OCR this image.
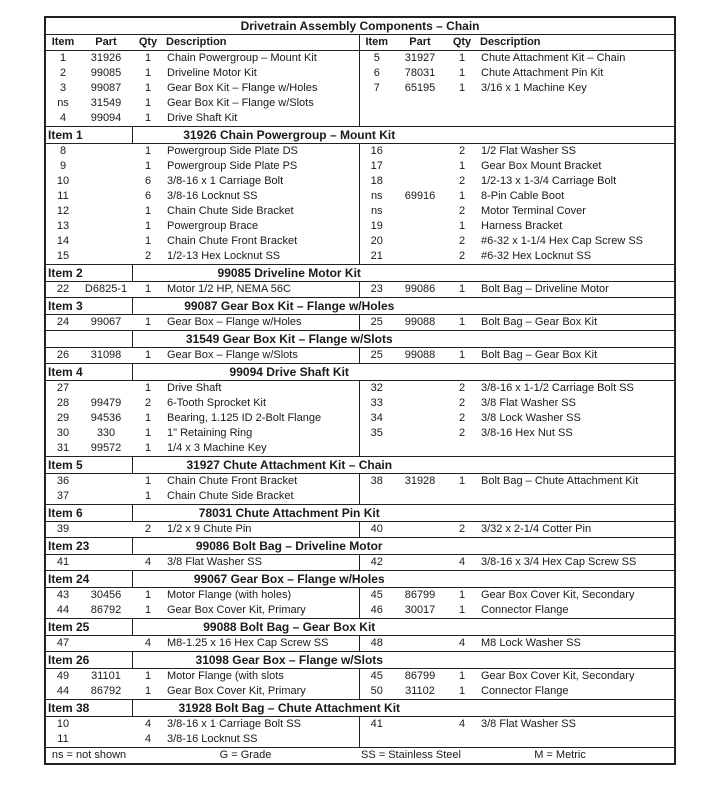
Drivetrain Assembly Components – Chain							
Item	Part	Qty	Description	Item	Part	Qty	Description
1	31926	1	Chain Powergroup – Mount Kit	5	31927	1	Chute Attachment Kit – Chain
2	99085	1	Driveline Motor Kit	6	78031	1	Chute Attachment Pin Kit
3	99087	1	Gear Box Kit – Flange w/Holes	7	65195	1	3/16 x 1 Machine Key
ns	31549	1	Gear Box Kit – Flange w/Slots				
4	99094	1	Drive Shaft Kit				
Item 1		31926 Chain Powergroup – Mount Kit					
8		1	Powergroup Side Plate DS	16		2	1/2 Flat Washer SS
9		1	Powergroup Side Plate PS	17		1	Gear Box Mount Bracket
10		6	3/8-16 x 1 Carriage Bolt	18		2	1/2-13 x 1-3/4 Carriage Bolt
11		6	3/8-16 Locknut SS	ns	69916	1	8-Pin Cable Boot
12		1	Chain Chute Side Bracket	ns		2	Motor Terminal Cover
13		1	Powergroup Brace	19		1	Harness Bracket
14		1	Chain Chute Front Bracket	20		2	#6-32 x 1-1/4 Hex Cap Screw SS
15		2	1/2-13 Hex Locknut SS	21		2	#6-32 Hex Locknut SS
Item 2		99085 Driveline Motor Kit					
22	D6825-1	1	Motor 1/2 HP, NEMA 56C	23	99086	1	Bolt Bag – Driveline Motor
Item 3		99087 Gear Box Kit – Flange w/Holes					
24	99067	1	Gear Box – Flange w/Holes	25	99088	1	Bolt Bag – Gear Box Kit
		31549 Gear Box Kit – Flange w/Slots					
26	31098	1	Gear Box – Flange w/Slots	25	99088	1	Bolt Bag – Gear Box Kit
Item 4		99094 Drive Shaft Kit					
27		1	Drive Shaft	32		2	3/8-16 x 1-1/2 Carriage Bolt SS
28	99479	2	6-Tooth Sprocket Kit	33		2	3/8 Flat Washer SS
29	94536	1	Bearing, 1.125 ID 2-Bolt Flange	34		2	3/8 Lock Washer SS
30	330	1	1" Retaining Ring	35		2	3/8-16 Hex Nut SS
31	99572	1	1/4 x 3 Machine Key				
Item 5		31927 Chute Attachment Kit – Chain					
36		1	Chain Chute Front Bracket	38	31928	1	Bolt Bag – Chute Attachment Kit
37		1	Chain Chute Side Bracket				
Item 6		78031 Chute Attachment Pin Kit					
39		2	1/2 x 9 Chute Pin	40		2	3/32 x 2-1/4 Cotter Pin
Item 23		99086 Bolt Bag – Driveline Motor					
41		4	3/8 Flat Washer SS	42		4	3/8-16 x 3/4 Hex Cap Screw SS
Item 24		99067 Gear Box – Flange w/Holes					
43	30456	1	Motor Flange (with holes)	45	86799	1	Gear Box Cover Kit, Secondary
44	86792	1	Gear Box Cover Kit, Primary	46	30017	1	Connector Flange
Item 25		99088 Bolt Bag – Gear Box Kit					
47		4	M8-1.25 x 16 Hex Cap Screw SS	48		4	M8 Lock Washer SS
Item 26		31098 Gear Box – Flange w/Slots					
49	31101	1	Motor Flange (with slots	45	86799	1	Gear Box Cover Kit, Secondary
44	86792	1	Gear Box Cover Kit, Primary	50	31102	1	Connector Flange
Item 38		31928 Bolt Bag – Chute Attachment Kit					
10		4	3/8-16 x 1 Carriage Bolt SS	41		4	3/8 Flat Washer SS
11		4	3/8-16 Locknut SS				
ns = not shown		G = Grade		SS = Stainless Steel		M = Metric	
